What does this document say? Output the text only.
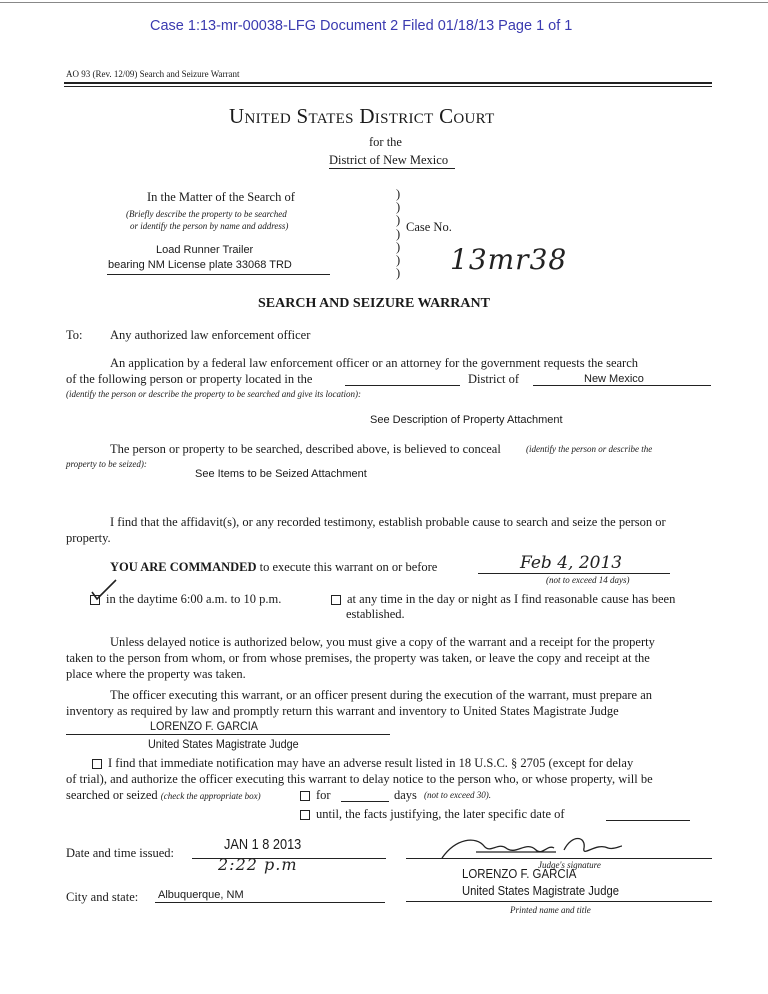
Case 1:13-mr-00038-LFG Document 2 Filed 01/18/13 Page 1 of 1
AO 93 (Rev. 12/09) Search and Seizure Warrant
United States District Court
for the
District of New Mexico
In the Matter of the Search of
(Briefly describe the property to be searched
or identify the person by name and address)
Load Runner Trailer
bearing NM License plate 33068 TRD
)
)
)
)
)
)
)
Case No.
13mr38
SEARCH AND SEIZURE WARRANT
To: Any authorized law enforcement officer
An application by a federal law enforcement officer or an attorney for the government requests the search
of the following person or property located in the	District of	New Mexico
(identify the person or describe the property to be searched and give its location):
See Description of Property Attachment
The person or property to be searched, described above, is believed to conceal	(identify the person or describe the
property to be seized):
See Items to be Seized Attachment
I find that the affidavit(s), or any recorded testimony, establish probable cause to search and seize the person or
property.
YOU ARE COMMANDED to execute this warrant on or before	Feb 4, 2013
(not to exceed 14 days)
in the daytime 6:00 a.m. to 10 p.m.	at any time in the day or night as I find reasonable cause has been
established.
Unless delayed notice is authorized below, you must give a copy of the warrant and a receipt for the property
taken to the person from whom, or from whose premises, the property was taken, or leave the copy and receipt at the
place where the property was taken.
The officer executing this warrant, or an officer present during the execution of the warrant, must prepare an
inventory as required by law and promptly return this warrant and inventory to United States Magistrate Judge
LORENZO F. GARCIA
United States Magistrate Judge
I find that immediate notification may have an adverse result listed in 18 U.S.C. § 2705 (except for delay
of trial), and authorize the officer executing this warrant to delay notice to the person who, or whose property, will be
searched or seized (check the appropriate box)	for	days (not to exceed 30).
until, the facts justifying, the later specific date of
Date and time issued:	JAN 1 8 2013
2:22 p.m	Judge's signature
LORENZO F. GARCIA
United States Magistrate Judge
Printed name and title
City and state: Albuquerque, NM
